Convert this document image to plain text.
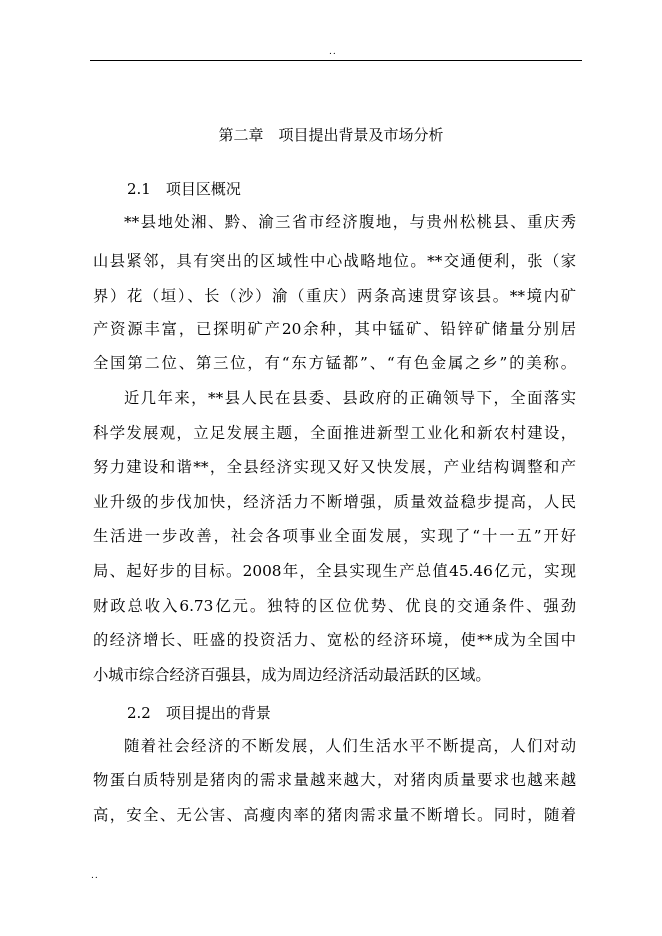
..
第二章　项目提出背景及市场分析
2.1　项目区概况
**县地处湘、黔、渝三省市经济腹地，与贵州松桃县、重庆秀
山县紧邻，具有突出的区域性中心战略地位。**交通便利，张（家
界）花（垣）、长（沙）渝（重庆）两条高速贯穿该县。**境内矿
产资源丰富，已探明矿产20余种，其中锰矿、铅锌矿储量分别居
全国第二位、第三位，有“东方锰都”、“有色金属之乡”的美称。
近几年来，**县人民在县委、县政府的正确领导下，全面落实
科学发展观，立足发展主题，全面推进新型工业化和新农村建设，
努力建设和谐**，全县经济实现又好又快发展，产业结构调整和产
业升级的步伐加快，经济活力不断增强，质量效益稳步提高，人民
生活进一步改善，社会各项事业全面发展，实现了“十一五”开好
局、起好步的目标。2008年，全县实现生产总值45.46亿元，实现
财政总收入6.73亿元。独特的区位优势、优良的交通条件、强劲
的经济增长、旺盛的投资活力、宽松的经济环境，使**成为全国中
小城市综合经济百强县，成为周边经济活动最活跃的区域。
2.2　项目提出的背景
随着社会经济的不断发展，人们生活水平不断提高，人们对动
物蛋白质特别是猪肉的需求量越来越大，对猪肉质量要求也越来越
高，安全、无公害、高瘦肉率的猪肉需求量不断增长。同时，随着
..
